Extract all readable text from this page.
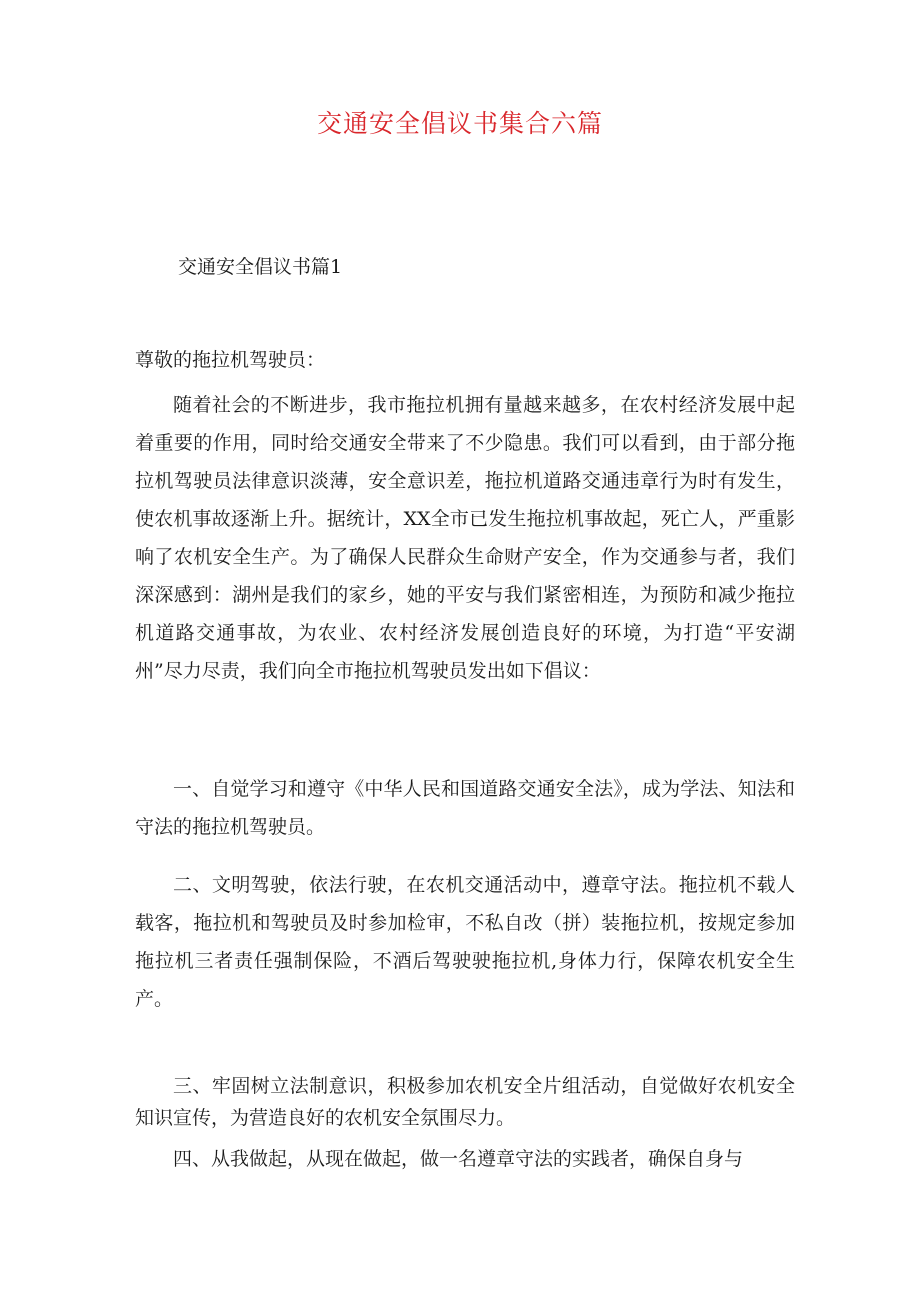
交通安全倡议书集合六篇
交通安全倡议书篇1
尊敬的拖拉机驾驶员：
随着社会的不断进步，我市拖拉机拥有量越来越多，在农村经济发展中起着重要的作用，同时给交通安全带来了不少隐患。我们可以看到，由于部分拖拉机驾驶员法律意识淡薄，安全意识差，拖拉机道路交通违章行为时有发生，使农机事故逐渐上升。据统计，XX全市已发生拖拉机事故起，死亡人，严重影响了农机安全生产。为了确保人民群众生命财产安全，作为交通参与者，我们深深感到：湖州是我们的家乡，她的平安与我们紧密相连，为预防和减少拖拉机道路交通事故，为农业、农村经济发展创造良好的环境，为打造“平安湖州”尽力尽责，我们向全市拖拉机驾驶员发出如下倡议：
一、自觉学习和遵守《中华人民和国道路交通安全法》，成为学法、知法和守法的拖拉机驾驶员。
二、文明驾驶，依法行驶，在农机交通活动中，遵章守法。拖拉机不载人载客，拖拉机和驾驶员及时参加检审，不私自改（拼）装拖拉机，按规定参加拖拉机三者责任强制保险，不酒后驾驶驶拖拉机,身体力行，保障农机安全生产。
三、牢固树立法制意识，积极参加农机安全片组活动，自觉做好农机安全知识宣传，为营造良好的农机安全氛围尽力。
四、从我做起，从现在做起，做一名遵章守法的实践者，确保自身与
